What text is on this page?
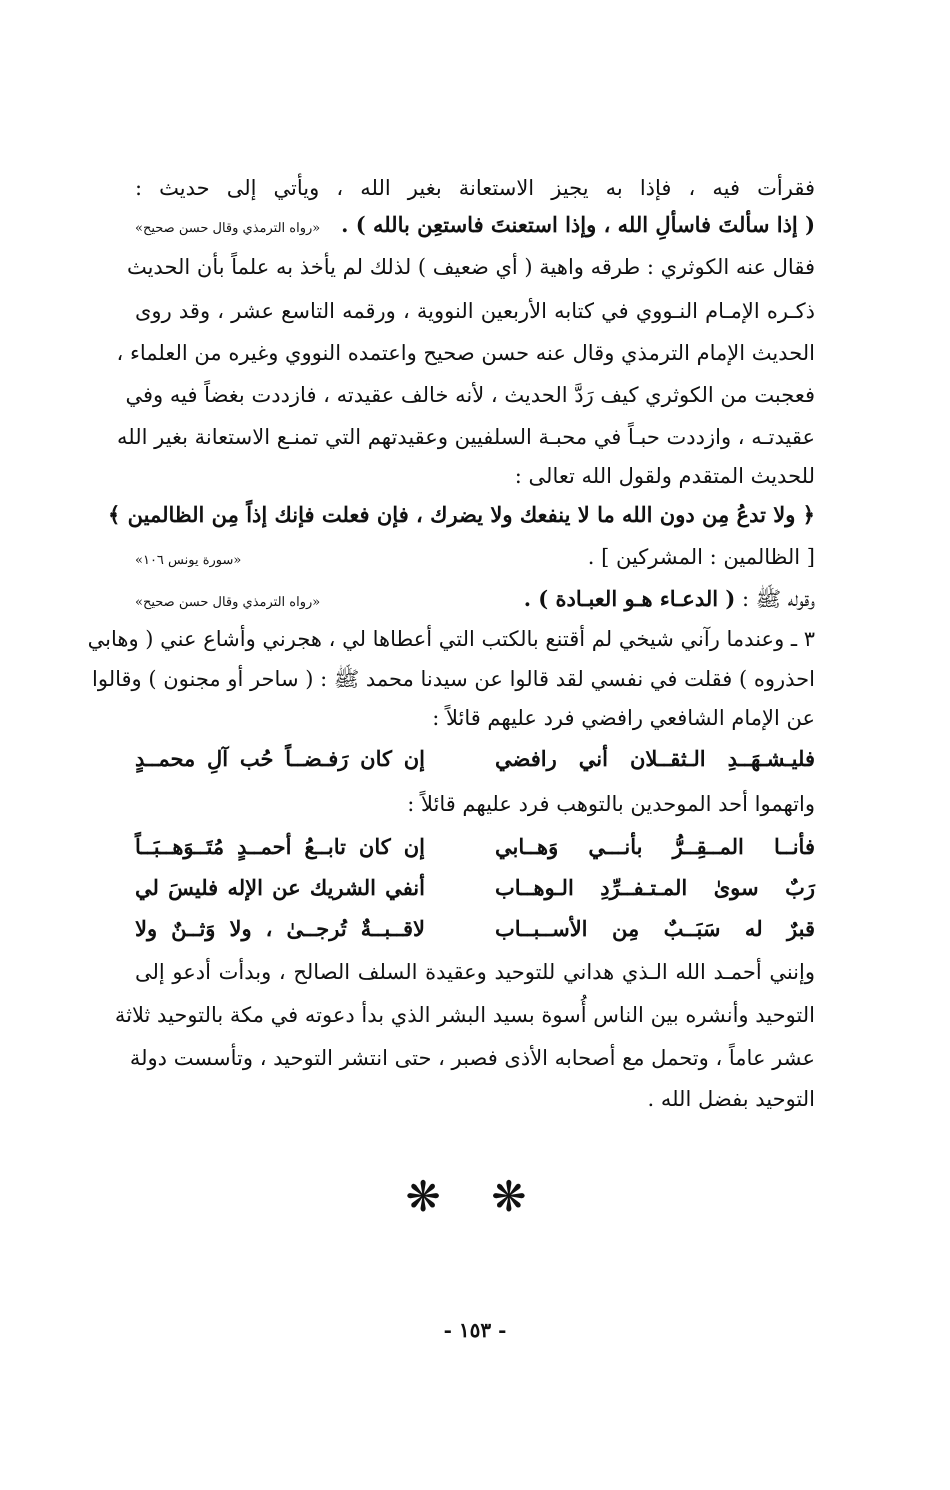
فقرأت فيه ، فإذا به يجيز الاستعانة بغير الله ، ويأتي إلى حديث :
( إذا سألتَ فاسألِ الله ، وإذا استعنتَ فاستعِن بالله ) .
«رواه الترمذي وقال حسن صحيح»
فقال عنه الكوثري : طرقه واهية ( أي ضعيف ) لذلك لم يأخذ به علماً بأن الحديث
ذكـره الإمـام النـووي في كتابه الأربعين النووية ، ورقمه التاسع عشر ، وقد روى
الحديث الإمام الترمذي وقال عنه حسن صحيح واعتمده النووي وغيره من العلماء ،
فعجبت من الكوثري كيف رَدَّ الحديث ، لأنه خالف عقيدته ، فازددت بغضاً فيه وفي
عقيدتـه ، وازددت حبـاً في محبـة السلفيين وعقيدتهم التي تمنـع الاستعانة بغير الله
للحديث المتقدم ولقول الله تعالى :
﴿ ولا تدعُ مِن دون الله ما لا ينفعك ولا يضرك ، فإن فعلت فإنك إذاً مِن الظالمين ﴾
[ الظالمين : المشركين ] .
«سورة يونس ١٠٦»
وقوله ﷺ : ( الدعـاء هـو العبـادة ) .
«رواه الترمذي وقال حسن صحيح»
٣ ـ وعندما رآني شيخي لم أقتنع بالكتب التي أعطاها لي ، هجرني وأشاع عني ( وهابي
احذروه ) فقلت في نفسي لقد قالوا عن سيدنا محمد ﷺ : ( ساحر أو مجنون ) وقالوا
عن الإمام الشافعي رافضي فرد عليهم قائلاً :
إن كان رَفـضــاً حُب آلِ محمــدٍ	فليـشـهَــدِ الـثقــلان أني رافضي
واتهموا أحد الموحدين بالتوهب فرد عليهم قائلاً :
إن كان تابــعُ أحمــدٍ مُتَــوَهــبَــاً	فأنــا المــقِــرُّ بأنـــي وَهــابي
أنفي الشريك عن الإله فليسَ لي	رَبٌ سوىٰ المـتـفــرِّدِ الـوهــاب
لاقــبــةٌ تُرجــىٰ ، ولا وَثــنٌ ولا	قبرٌ له سَبَــبٌ مِن الأســبــاب
وإنني أحمـد الله الـذي هداني للتوحيد وعقيدة السلف الصالح ، وبدأت أدعو إلى
التوحيد وأنشره بين الناس أُسوة بسيد البشر الذي بدأ دعوته في مكة بالتوحيد ثلاثة
عشر عاماً ، وتحمل مع أصحابه الأذى فصبر ، حتى انتشر التوحيد ، وتأسست دولة
التوحيد بفضل الله .
❋ ❋
- ١٥٣ -
